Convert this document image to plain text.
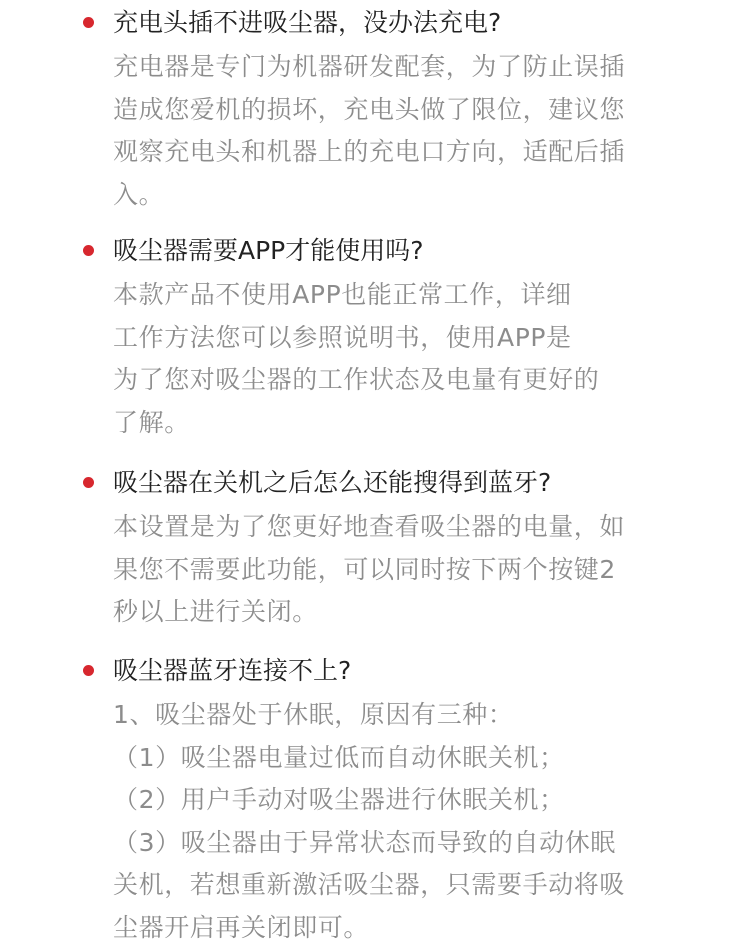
充电头插不进吸尘器，没办法充电?
充电器是专门为机器研发配套，为了防止误插
造成您爱机的损坏，充电头做了限位，建议您
观察充电头和机器上的充电口方向，适配后插
入。
吸尘器需要APP才能使用吗?
本款产品不使用APP也能正常工作，详细
工作方法您可以参照说明书，使用APP是
为了您对吸尘器的工作状态及电量有更好的
了解。
吸尘器在关机之后怎么还能搜得到蓝牙?
本设置是为了您更好地查看吸尘器的电量，如
果您不需要此功能，可以同时按下两个按键2
秒以上进行关闭。
吸尘器蓝牙连接不上?
1、吸尘器处于休眠，原因有三种：
（1）吸尘器电量过低而自动休眠关机；
（2）用户手动对吸尘器进行休眠关机；
（3）吸尘器由于异常状态而导致的自动休眠
关机，若想重新激活吸尘器，只需要手动将吸
尘器开启再关闭即可。
